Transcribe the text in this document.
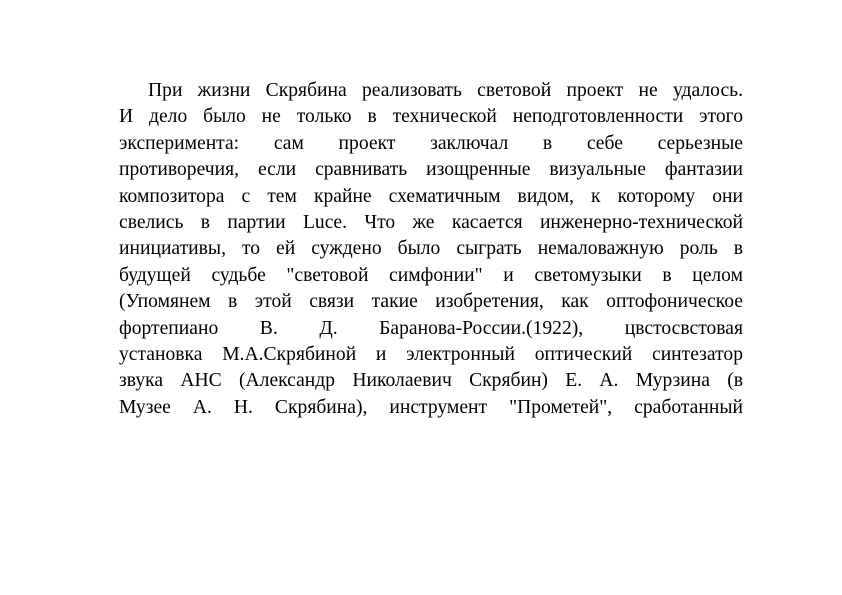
При жизни Скрябина реализовать световой проект не удалось.
И дело было не только в технической неподготовленности этого
эксперимента: сам проект заключал в себе серьезные
противоречия, если сравнивать изощренные визуальные фантазии
композитора с тем крайне схематичным видом, к которому они
свелись в партии Luce. Что же касается инженерно-технической
инициативы, то ей суждено было сыграть немаловажную роль в
будущей судьбе "световой симфонии" и светомузыки в целом
(Упомянем в этой связи такие изобретения, как оптофоническое
фортепиано В. Д. Баранова-России.(1922), цвстосвстовая
установка М.А.Скрябиной и электронный оптический синтезатор
звука АНС (Александр Николаевич Скрябин) Е. А. Мурзина (в
Музее А. Н. Скрябина), инструмент "Прометей", сработанный
